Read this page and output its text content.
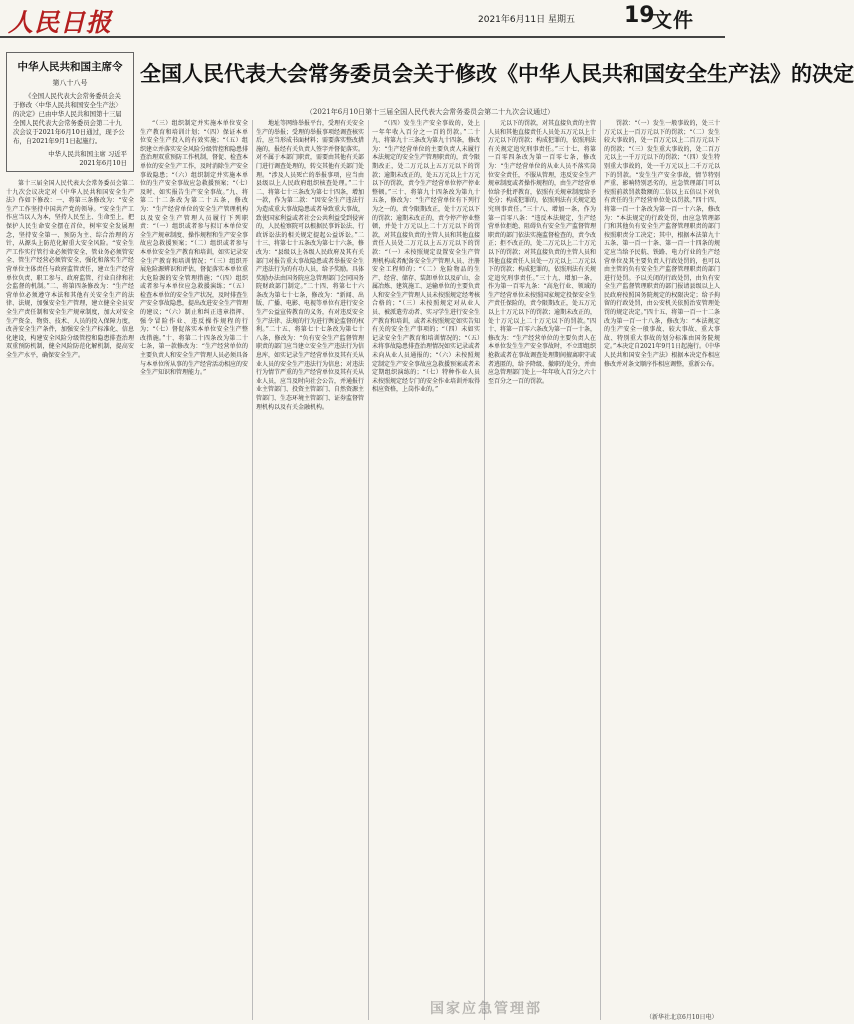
人民日报	2021年6月11日 星期五 19
文件
中华人民共和国主席令
第八十八号
《全国人民代表大会常务委员会关于修改〈中华人民共和国安全生产法〉的决定》已由中华人民共和国第十三届全国人民代表大会常务委员会第二十九次会议于2021年6月10日通过，现予公布，自2021年9月1日起施行。
中华人民共和国主席 习近平
2021年6月10日
全国人民代表大会常务委员会关于修改《中华人民共和国安全生产法》的决定
（2021年6月10日第十三届全国人民代表大会常务委员会第二十九次会议通过）

第十三届全国人民代表大会常务委员会第二十九次会议决定对《中华人民共和国安全生产法》作如下修改：一、将第三条修改为：“安全生产工作坚持中国共产党的领导。“安全生产工作应当以人为本，坚持人民至上、生命至上，把保护人民生命安全摆在首位，树牢安全发展理念，坚持安全第一、预防为主、综合治理的方针，从源头上防范化解重大安全风险。“安全生产工作实行管行业必须管安全、管业务必须管安全、管生产经营必须管安全，强化和落实生产经营单位主体责任与政府监管责任，建立生产经营单位负责、职工参与、政府监管、行业自律和社会监督的机制。”二、将第四条修改为：“生产经营单位必须遵守本法和其他有关安全生产的法律、法规，加强安全生产管理，建立健全全员安全生产责任制和安全生产规章制度，加大对安全生产资金、物资、技术、人员的投入保障力度，改善安全生产条件，加强安全生产标准化、信息化建设，构建安全风险分级管控和隐患排查治理双重预防机制，健全风险防范化解机制，提高安全生产水平，确保安全生产。

“（三）组织制定并实施本单位安全生产教育和培训计划；“（四）保证本单位安全生产投入的有效实施；“（五）组织建立并落实安全风险分级管控和隐患排查治理双重预防工作机制，督促、检查本单位的安全生产工作，及时消除生产安全事故隐患；“（六）组织制定并实施本单位的生产安全事故应急救援预案；“（七）及时、如实报告生产安全事故。”九、将第二十二条改为第二十五条，修改为：“生产经营单位的安全生产管理机构以及安全生产管理人员履行下列职责：“（一）组织或者参与拟订本单位安全生产规章制度、操作规程和生产安全事故应急救援预案；“（二）组织或者参与本单位安全生产教育和培训，如实记录安全生产教育和培训情况；“（三）组织开展危险源辨识和评估，督促落实本单位重大危险源的安全管理措施；“（四）组织或者参与本单位应急救援演练；“（五）检查本单位的安全生产状况，及时排查生产安全事故隐患，提出改进安全生产管理的建议；“（六）制止和纠正违章指挥、强令冒险作业、违反操作规程的行为；“（七）督促落实本单位安全生产整改措施。”十、将第二十四条改为第二十七条，第一款修改为：“生产经营单位的主要负责人和安全生产管理人员必须具备与本单位所从事的生产经营活动相应的安全生产知识和管理能力。”

地址等网络举报平台，受理有关安全生产的举报；受理的举报事项经调查核实后，应当形成书面材料；需要落实整改措施的，报经有关负责人签字并督促落实。对不属于本部门职责，需要由其他有关部门进行调查处理的，转交其他有关部门处理。“涉及人员死亡的举报事项，应当由县级以上人民政府组织核查处理。”二十二、将第七十三条改为第七十四条，增加一款，作为第二款：“因安全生产违法行为造成重大事故隐患或者导致重大事故，致使国家利益或者社会公共利益受到侵害的，人民检察院可以根据民事诉讼法、行政诉讼法的相关规定提起公益诉讼。”二十三、将第七十五条改为第七十六条，修改为：“县级以上各级人民政府及其有关部门对报告重大事故隐患或者举报安全生产违法行为的有功人员，给予奖励。具体奖励办法由国务院应急管理部门会同国务院财政部门制定。”二十四、将第七十六条改为第七十七条，修改为：“新闻、出版、广播、电影、电视等单位有进行安全生产公益宣传教育的义务，有对违反安全生产法律、法规的行为进行舆论监督的权利。”二十五、将第七十七条改为第七十八条，修改为：“负有安全生产监督管理职责的部门应当建立安全生产违法行为信息库，如实记录生产经营单位及其有关从业人员的安全生产违法行为信息；对违法行为情节严重的生产经营单位及其有关从业人员，应当及时向社会公告，并通报行业主管部门、投资主管部门、自然资源主管部门、生态环境主管部门、证券监督管理机构以及有关金融机构。

“（四）发生生产安全事故的，处上一年年收入百分之一百的罚款。”二十九、将第九十三条改为第九十四条，修改为：“生产经营单位的主要负责人未履行本法规定的安全生产管理职责的，责令限期改正，处二万元以上五万元以下的罚款；逾期未改正的，处五万元以上十万元以下的罚款，责令生产经营单位停产停业整顿。”三十、将第九十四条改为第九十五条，修改为：“生产经营单位有下列行为之一的，责令限期改正，处十万元以下的罚款；逾期未改正的，责令停产停业整顿，并处十万元以上二十万元以下的罚款，对其直接负责的主管人员和其他直接责任人员处二万元以上五万元以下的罚款：“（一）未按照规定设置安全生产管理机构或者配备安全生产管理人员、注册安全工程师的；“（二）危险物品的生产、经营、储存、装卸单位以及矿山、金属冶炼、建筑施工、运输单位的主要负责人和安全生产管理人员未按照规定经考核合格的；“（三）未按照规定对从业人员、被派遣劳动者、实习学生进行安全生产教育和培训，或者未按照规定如实告知有关的安全生产事项的；“（四）未如实记录安全生产教育和培训情况的；“（五）未将事故隐患排查治理情况如实记录或者未向从业人员通报的；“（六）未按照规定制定生产安全事故应急救援预案或者未定期组织演练的；“（七）特种作业人员未按照规定经专门的安全作业培训并取得相应资格，上岗作业的。”

元以下的罚款，对其直接负责的主管人员和其他直接责任人员处五万元以上十万元以下的罚款；构成犯罪的，依照刑法有关规定追究刑事责任。”三十七、将第一百零四条改为第一百零七条，修改为：“生产经营单位的从业人员不落实岗位安全责任，不服从管理，违反安全生产规章制度或者操作规程的，由生产经营单位给予批评教育，依照有关规章制度给予处分；构成犯罪的，依照刑法有关规定追究刑事责任。”三十八、增加一条，作为第一百零八条：“违反本法规定，生产经营单位拒绝、阻碍负有安全生产监督管理职责的部门依法实施监督检查的，责令改正；拒不改正的，处二万元以上二十万元以下的罚款；对其直接负责的主管人员和其他直接责任人员处一万元以上二万元以下的罚款；构成犯罪的，依照刑法有关规定追究刑事责任。”三十九、增加一条，作为第一百零九条：“高危行业、领域的生产经营单位未按照国家规定投保安全生产责任保险的，责令限期改正，处五万元以上十万元以下的罚款；逾期未改正的，处十万元以上二十万元以下的罚款。”四十、将第一百零六条改为第一百一十条，修改为：“生产经营单位的主要负责人在本单位发生生产安全事故时，不立即组织抢救或者在事故调查处理期间擅离职守或者逃匿的，给予降级、撤职的处分，并由应急管理部门处上一年年收入百分之六十至百分之一百的罚款。

罚款：“（一）发生一般事故的，处三十万元以上一百万元以下的罚款；“（二）发生较大事故的，处一百万元以上二百万元以下的罚款；“（三）发生重大事故的，处二百万元以上一千万元以下的罚款；“（四）发生特别重大事故的，处一千万元以上二千万元以下的罚款。“发生生产安全事故，情节特别严重、影响特别恶劣的，应急管理部门可以按照前款罚款数额的二倍以上五倍以下对负有责任的生产经营单位处以罚款。”四十四、将第一百一十条改为第一百一十六条，修改为：“本法规定的行政处罚，由应急管理部门和其他负有安全生产监督管理职责的部门按照职责分工决定；其中，根据本法第九十五条、第一百一十条、第一百一十四条的规定应当给予民航、铁路、电力行业的生产经营单位及其主要负责人行政处罚的，也可以由主管的负有安全生产监督管理职责的部门进行处罚。予以关闭的行政处罚，由负有安全生产监督管理职责的部门报请县级以上人民政府按照国务院规定的权限决定；给予拘留的行政处罚，由公安机关依照治安管理处罚的规定决定。”四十五、将第一百一十二条改为第一百一十八条，修改为：“本法规定的生产安全一般事故、较大事故、重大事故、特别重大事故的划分标准由国务院规定。”本决定自2021年9月1日起施行。《中华人民共和国安全生产法》根据本决定作相应修改并对条文顺序作相应调整，重新公布。

国家应急管理部
（新华社北京6月10日电）
